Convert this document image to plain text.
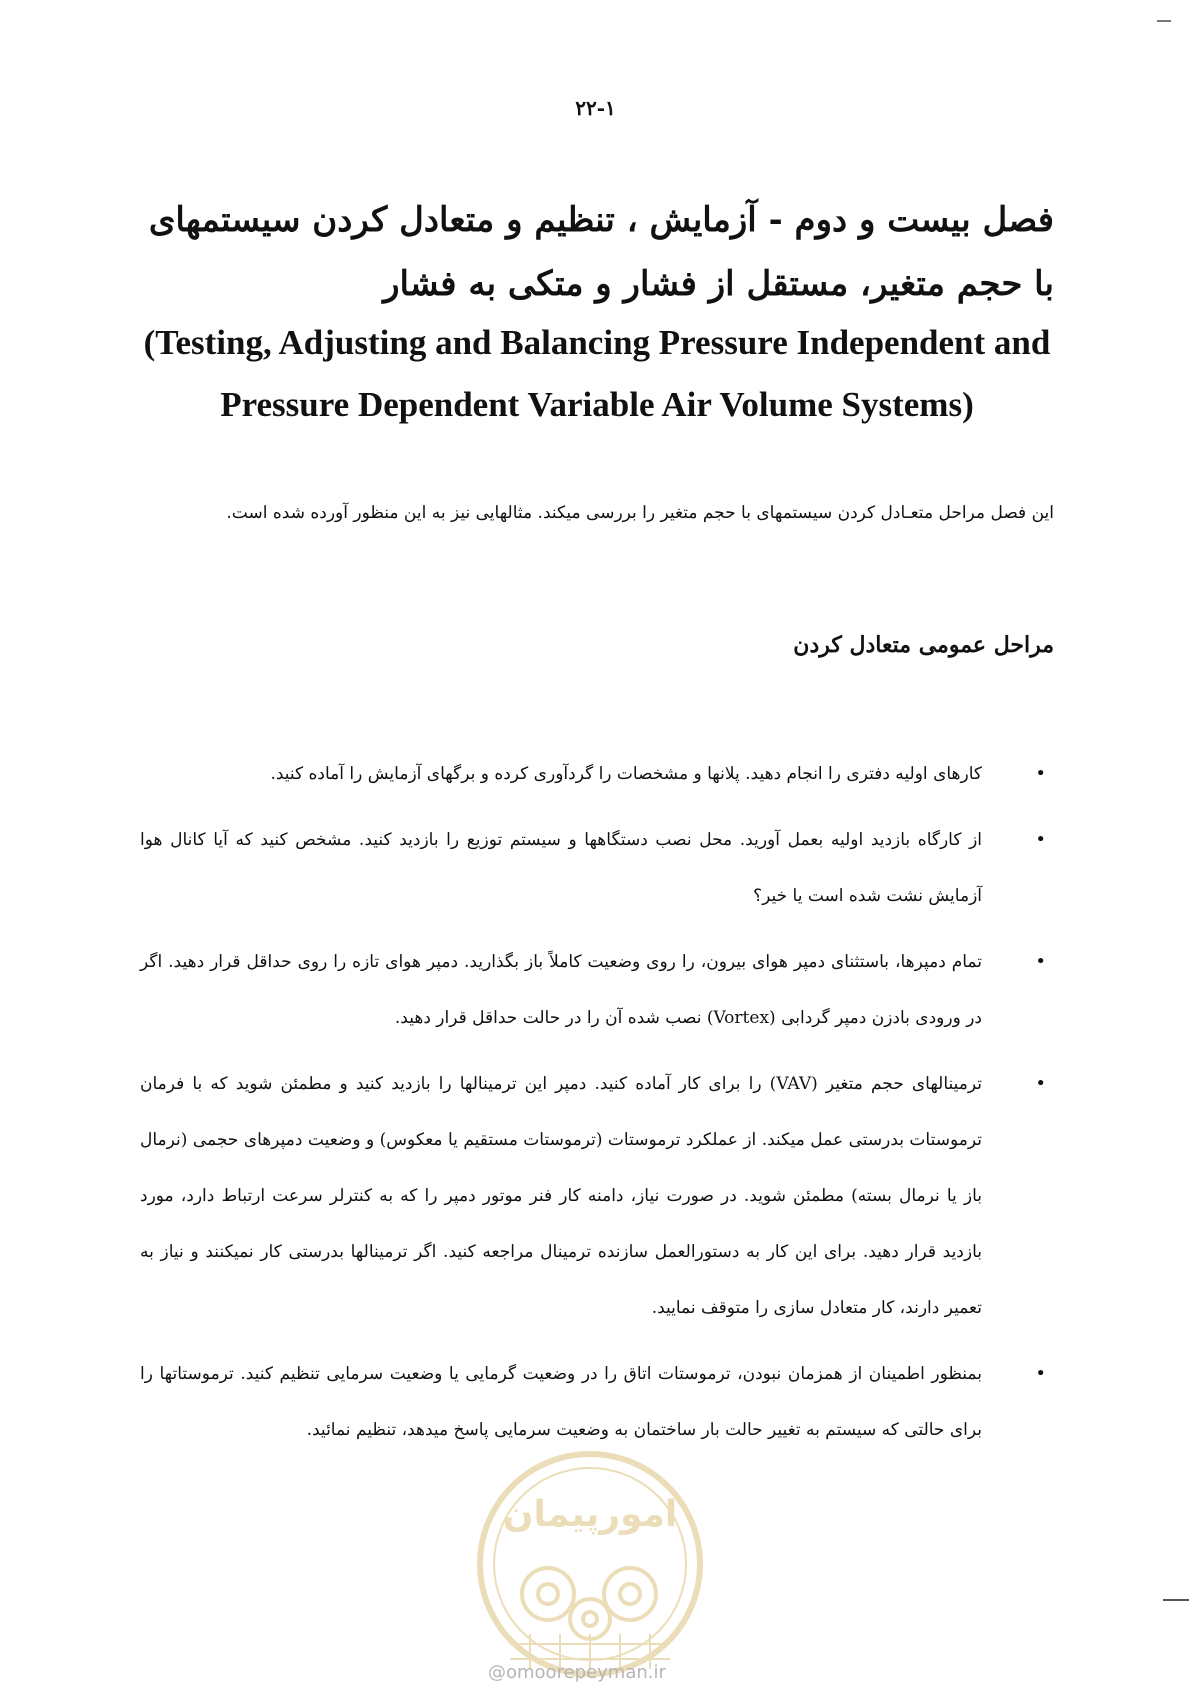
۲۲-۱
فصل بیست و دوم - آزمایش ، تنظیم و متعادل کردن سیستمهای با حجم متغیر، مستقل از فشار و متکی به فشار
(Testing, Adjusting and Balancing Pressure Independent and Pressure Dependent Variable Air Volume Systems)

این فصل مراحل متعـادل کردن سیستمهای با حجم متغیر را بررسی میکند. مثالهایی نیز به این منظور آورده شده است.

مراحل عمومی متعادل کردن
•
کارهای اولیه دفتری را انجام دهید. پلانها و مشخصات را گردآوری کرده و برگهای آزمایش را آماده کنید.
•
از کارگاه بازدید اولیه بعمل آورید. محل نصب دستگاهها و سیستم توزیع را بازدید کنید. مشخص کنید که آیا کانال هوا آزمایش نشت شده است یا خیر؟
•
تمام دمپرها، باستثنای دمپر هوای بیرون، را روی وضعیت کاملاً باز بگذارید. دمپر هوای تازه را روی حداقل قرار دهید. اگر در ورودی بادزن دمپر گردابی (Vortex) نصب شده آن را در حالت حداقل قرار دهید.
•
ترمینالهای حجم متغیر (VAV) را برای کار آماده کنید. دمپر این ترمینالها را بازدید کنید و مطمئن شوید که با فرمان ترموستات بدرستی عمل میکند. از عملکرد ترموستات (ترموستات مستقیم یا معکوس) و وضعیت دمپرهای حجمی (نرمال باز یا نرمال بسته) مطمئن شوید. در صورت نیاز، دامنه کار فنر موتور دمپر را که به کنترلر سرعت ارتباط دارد، مورد بازدید قرار دهید. برای این کار به دستورالعمل سازنده ترمینال مراجعه کنید. اگر ترمینالها بدرستی کار نمیکنند و نیاز به تعمیر دارند، کار متعادل سازی را متوقف نمایید.
•
بمنظور اطمینان از همزمان نبودن، ترموستات اتاق را در وضعیت گرمایی یا وضعیت سرمایی تنظیم کنید. ترموستاتها را برای حالتی که سیستم به تغییر حالت بار ساختمان به وضعیت سرمایی پاسخ میدهد، تنظیم نمائید.
امورپیمان
@omoorepeyman.ir
